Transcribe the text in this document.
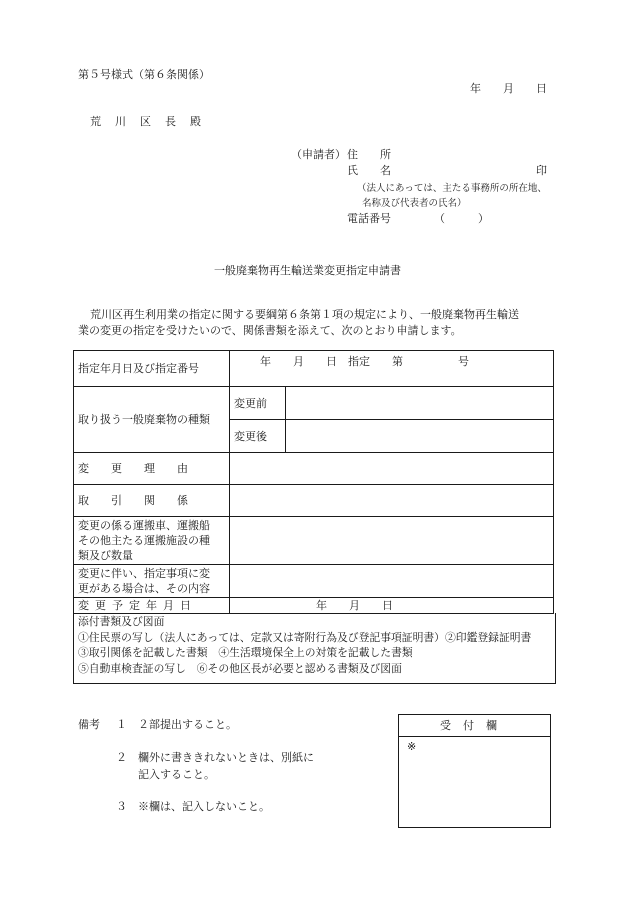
第５号様式（第６条関係）
年　　月　　日
荒川区長殿
（申請者） 住　　所
氏　　名	印
（法人にあっては、主たる事務所の所在地、
名称及び代表者の氏名）
電話番号	（　　　）
一般廃棄物再生輸送業変更指定申請書
荒川区再生利用業の指定に関する要綱第６条第１項の規定により、一般廃棄物再生輸送
業の変更の指定を受けたいので、関係書類を添えて、次のとおり申請します。
指定年月日及び指定番号	年　　月　　日　指定　　第　　　　　号	
取り扱う一般廃棄物の種類	変更前	
	変更後	
変更理由		
取引関係		

変更の係る運搬車、運搬船
その他主たる運搬施設の種
類及び数量		

変更に伴い、指定事項に変
更がある場合は、その内容		

変更予定年月日	年　　月　　日	
添付書類及び図面
①住民票の写し（法人にあっては、定款又は寄附行為及び登記事項証明書）②印鑑登録証明書
③取引関係を記載した書類　④生活環境保全上の対策を記載した書類
⑤自動車検査証の写し　⑥その他区長が必要と認める書類及び図面
備考 １ ２部提出すること。
２ 欄外に書ききれないときは、別紙に
記入すること。
３ ※欄は、記入しないこと。
受付欄
※
